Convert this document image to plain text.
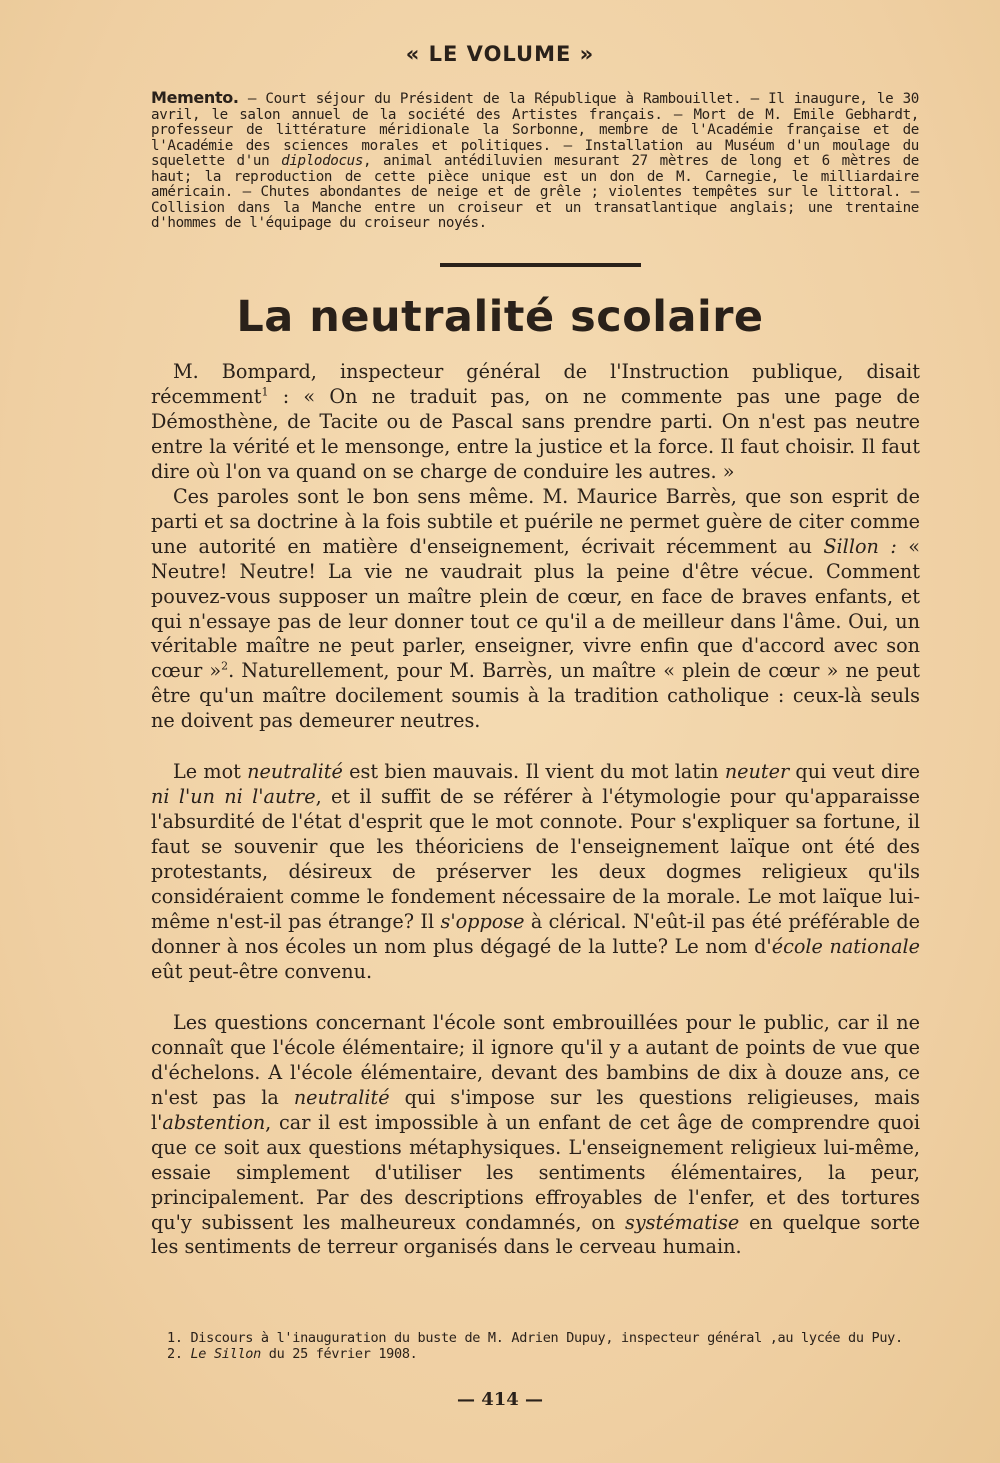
« LE VOLUME »

Memento. — Court séjour du Président de la République à Rambouillet. — Il inaugure, le 30 avril, le salon annuel de la société des Artistes français. — Mort de M. Emile Gebhardt, professeur de littérature méridionale la Sorbonne, membre de l'Académie française et de l'Académie des sciences morales et politiques. — Installation au Muséum d'un moulage du squelette d'un diplodocus, animal antédiluvien mesurant 27 mètres de long et 6 mètres de haut; la reproduction de cette pièce unique est un don de M. Carnegie, le milliardaire américain. — Chutes abondantes de neige et de grêle ; violentes tempêtes sur le littoral. — Collision dans la Manche entre un croiseur et un transatlantique anglais; une trentaine d'hommes de l'équipage du croiseur noyés.

La neutralité scolaire

M. Bompard, inspecteur général de l'Instruction publique, disait récemment$^1$ : « On ne traduit pas, on ne commente pas une page de Démosthène, de Tacite ou de Pascal sans prendre parti. On n'est pas neutre entre la vérité et le mensonge, entre la justice et la force. Il faut choisir. Il faut dire où l'on va quand on se charge de conduire les autres. »

Ces paroles sont le bon sens même. M. Maurice Barrès, que son esprit de parti et sa doctrine à la fois subtile et puérile ne permet guère de citer comme une autorité en matière d'enseignement, écrivait récemment au Sillon : « Neutre! Neutre! La vie ne vaudrait plus la peine d'être vécue. Comment pouvez-vous supposer un maître plein de cœur, en face de braves enfants, et qui n'essaye pas de leur donner tout ce qu'il a de meilleur dans l'âme. Oui, un véritable maître ne peut parler, enseigner, vivre enfin que d'accord avec son cœur »$^2$. Naturellement, pour M. Barrès, un maître « plein de cœur » ne peut être qu'un maître docilement soumis à la tradition catholique : ceux-là seuls ne doivent pas demeurer neutres.

Le mot neutralité est bien mauvais. Il vient du mot latin neuter qui veut dire ni l'un ni l'autre, et il suffit de se référer à l'étymologie pour qu'apparaisse l'absurdité de l'état d'esprit que le mot connote. Pour s'expliquer sa fortune, il faut se souvenir que les théoriciens de l'enseignement laïque ont été des protestants, désireux de préserver les deux dogmes religieux qu'ils considéraient comme le fondement nécessaire de la morale. Le mot laïque lui-même n'est-il pas étrange? Il s'oppose à clérical. N'eût-il pas été préférable de donner à nos écoles un nom plus dégagé de la lutte? Le nom d'école nationale eût peut-être convenu.

Les questions concernant l'école sont embrouillées pour le public, car il ne connaît que l'école élémentaire; il ignore qu'il y a autant de points de vue que d'échelons. A l'école élémentaire, devant des bambins de dix à douze ans, ce n'est pas la neutralité qui s'impose sur les questions religieuses, mais l'abstention, car il est impossible à un enfant de cet âge de comprendre quoi que ce soit aux questions métaphysiques. L'enseignement religieux lui-même, essaie simplement d'utiliser les sentiments élémentaires, la peur, principalement. Par des descriptions effroyables de l'enfer, et des tortures qu'y subissent les malheureux condamnés, on systématise en quelque sorte les sentiments de terreur organisés dans le cerveau humain.

1. Discours à l'inauguration du buste de M. Adrien Dupuy, inspecteur général ,au lycée du Puy.

2. Le Sillon du 25 février 1908.

— 414 —
